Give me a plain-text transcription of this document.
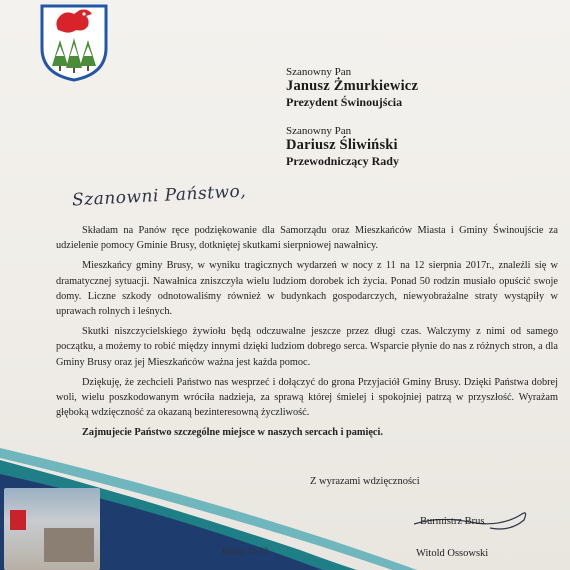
Szanowny Pan
Janusz Żmurkiewicz
Prezydent Świnoujścia
Szanowny Pan
Dariusz Śliwiński
Przewodniczący Rady
Szanowni Państwo,

Składam na Panów ręce podziękowanie dla Samorządu oraz Mieszkańców Miasta i Gminy Świnoujście za udzielenie pomocy Gminie Brusy, dotkniętej skutkami sierpniowej nawałnicy.

Mieszkańcy gminy Brusy, w wyniku tragicznych wydarzeń w nocy z 11 na 12 sierpnia 2017r., znaleźli się w dramatycznej sytuacji. Nawałnica zniszczyła wielu ludziom dorobek ich życia. Ponad 50 rodzin musiało opuścić swoje domy. Liczne szkody odnotowaliśmy również w budynkach gospodarczych, niewyobrażalne straty wystąpiły w uprawach rolnych i leśnych.

Skutki niszczycielskiego żywiołu będą odczuwalne jeszcze przez długi czas. Walczymy z nimi od samego początku, a możemy to robić między innymi dzięki ludziom dobrego serca. Wsparcie płynie do nas z różnych stron, a dla Gminy Brusy oraz jej Mieszkańców ważna jest każda pomoc.

Dziękuję, że zechcieli Państwo nas wesprzeć i dołączyć do grona Przyjaciół Gminy Brusy. Dzięki Państwa dobrej woli, wielu poszkodowanym wróciła nadzieja, za sprawą której śmielej i spokojniej patrzą w przyszłość. Wyrażam głęboką wdzięczność za okazaną bezinteresowną życzliwość.

Zajmujecie Państwo szczególne miejsce w naszych sercach i pamięci.

Z wyrazami wdzięczności
Burmistrz Brus
Witold Ossowski
Brusy, 11-12
